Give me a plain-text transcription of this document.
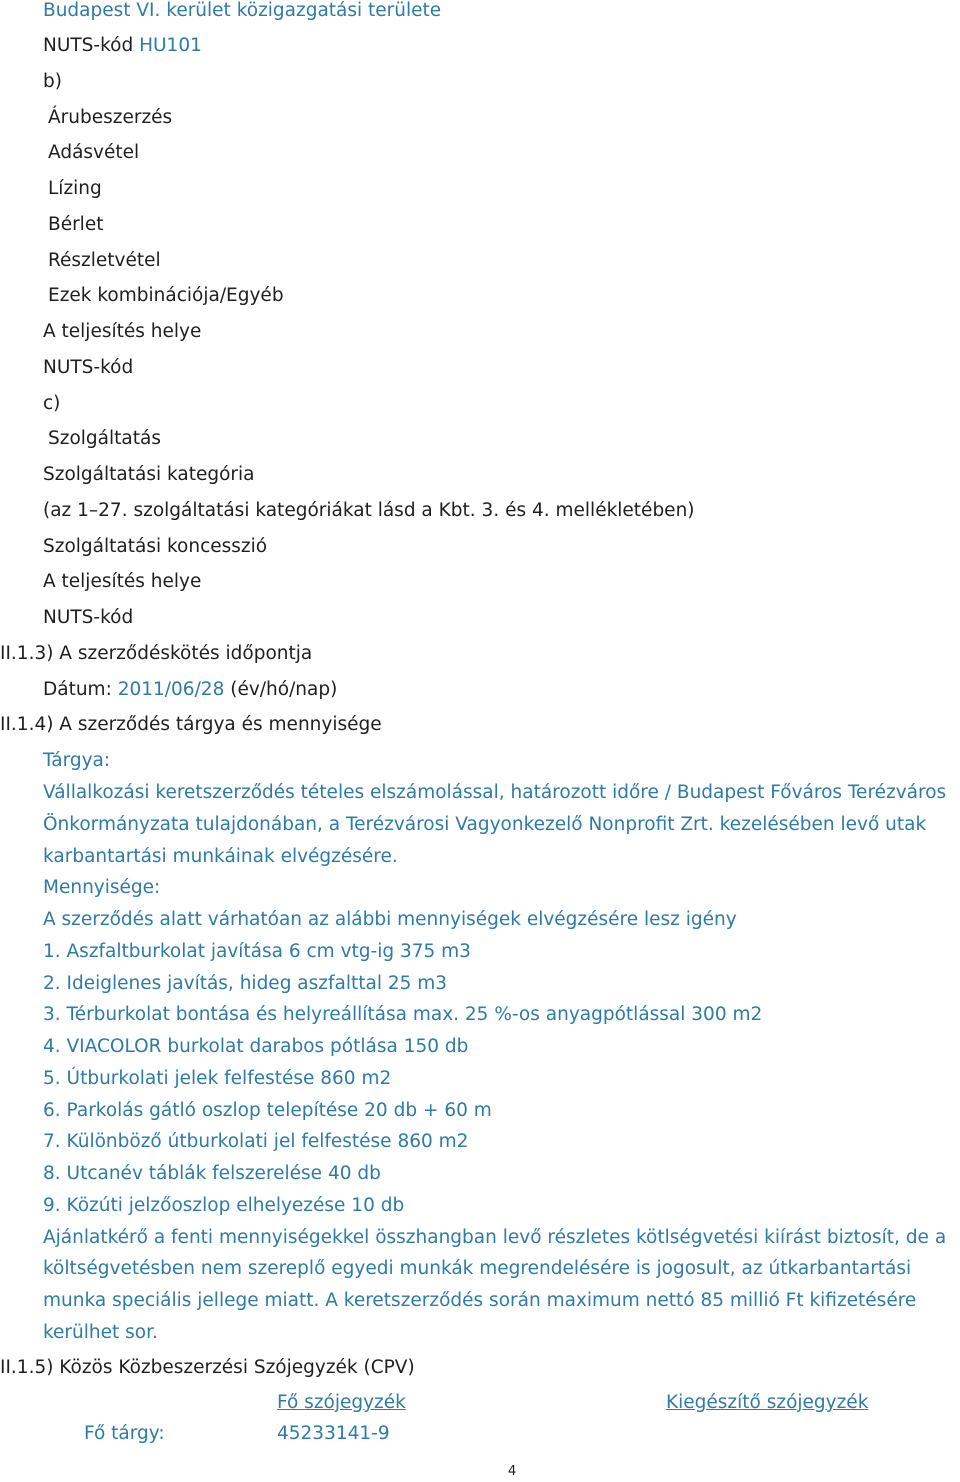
Budapest VI. kerület közigazgatási területe
NUTS-kód HU101
b)
Árubeszerzés
Adásvétel
Lízing
Bérlet
Részletvétel
Ezek kombinációja/Egyéb
A teljesítés helye
NUTS-kód
c)
Szolgáltatás
Szolgáltatási kategória
(az 1–27. szolgáltatási kategóriákat lásd a Kbt. 3. és 4. mellékletében)
Szolgáltatási koncesszió
A teljesítés helye
NUTS-kód
II.1.3) A szerződéskötés időpontja
Dátum: 2011/06/28 (év/hó/nap)
II.1.4) A szerződés tárgya és mennyisége
Tárgya:
Vállalkozási keretszerződés tételes elszámolással, határozott időre / Budapest Főváros Terézváros
Önkormányzata tulajdonában, a Terézvárosi Vagyonkezelő Nonprofit Zrt. kezelésében levő utak
karbantartási munkáinak elvégzésére.
Mennyisége:
A szerződés alatt várhatóan az alábbi mennyiségek elvégzésére lesz igény
1. Aszfaltburkolat javítása 6 cm vtg-ig 375 m3
2. Ideiglenes javítás, hideg aszfalttal 25 m3
3. Térburkolat bontása és helyreállítása max. 25 %-os anyagpótlással 300 m2
4. VIACOLOR burkolat darabos pótlása 150 db
5. Útburkolati jelek felfestése 860 m2
6. Parkolás gátló oszlop telepítése 20 db + 60 m
7. Különböző útburkolati jel felfestése 860 m2
8. Utcanév táblák felszerelése 40 db
9. Közúti jelzőoszlop elhelyezése 10 db
Ajánlatkérő a fenti mennyiségekkel összhangban levő részletes kötlségvetési kiírást biztosít, de a
költségvetésben nem szereplő egyedi munkák megrendelésére is jogosult, az útkarbantartási
munka speciális jellege miatt. A keretszerződés során maximum nettó 85 millió Ft kifizetésére
kerülhet sor.
II.1.5) Közös Közbeszerzési Szójegyzék (CPV)
Fő szójegyzék	Kiegészítő szójegyzék
Fő tárgy:	45233141-9
4
